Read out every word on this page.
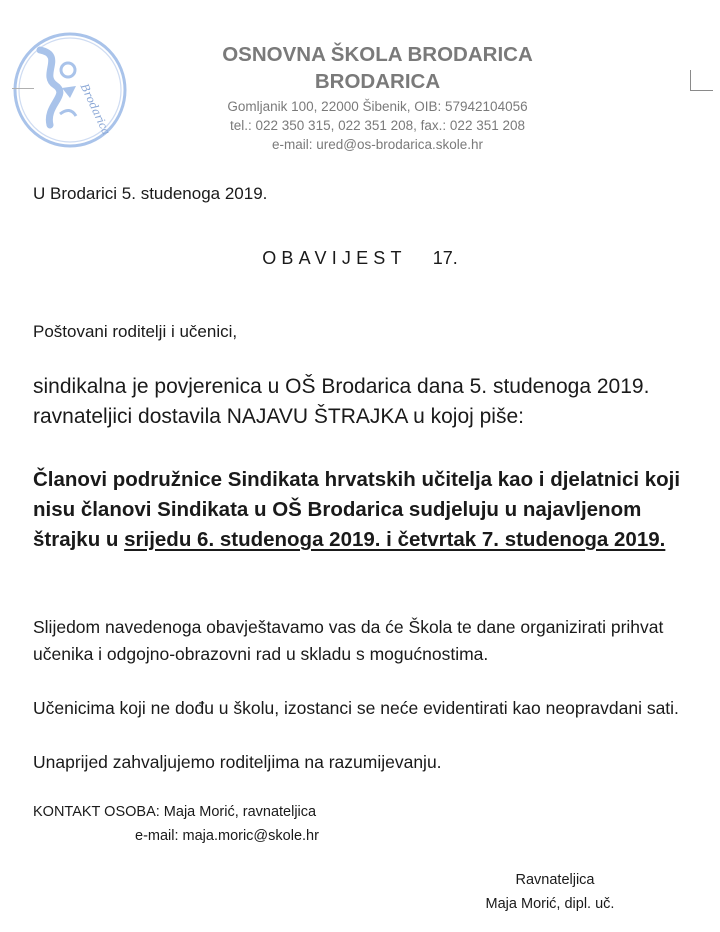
Brodarica
OSNOVNA ŠKOLA BRODARICA
BRODARICA
Gomljanik 100, 22000 Šibenik, OIB: 57942104056
tel.: 022 350 315, 022 351 208, fax.: 022 351 208
e-mail: ured@os-brodarica.skole.hr
U Brodarici 5. studenoga 2019.
OBAVIJEST 17.
Poštovani roditelji i učenici,
sindikalna je povjerenica u OŠ Brodarica dana 5. studenoga 2019. ravnateljici dostavila NAJAVU ŠTRAJKA u kojoj piše:
Članovi podružnice Sindikata hrvatskih učitelja kao i djelatnici koji nisu članovi Sindikata u OŠ Brodarica sudjeluju u najavljenom štrajku u srijedu 6. studenoga 2019. i četvrtak 7. studenoga 2019.
Slijedom navedenoga obavještavamo vas da će Škola te dane organizirati prihvat učenika i odgojno-obrazovni rad u skladu s mogućnostima.
Učenicima koji ne dođu u školu, izostanci se neće evidentirati kao neopravdani sati.
Unaprijed zahvaljujemo roditeljima na razumijevanju.
KONTAKT OSOBA: Maja Morić, ravnateljica
e-mail: maja.moric@skole.hr
Ravnateljica
Maja Morić, dipl. uč.
